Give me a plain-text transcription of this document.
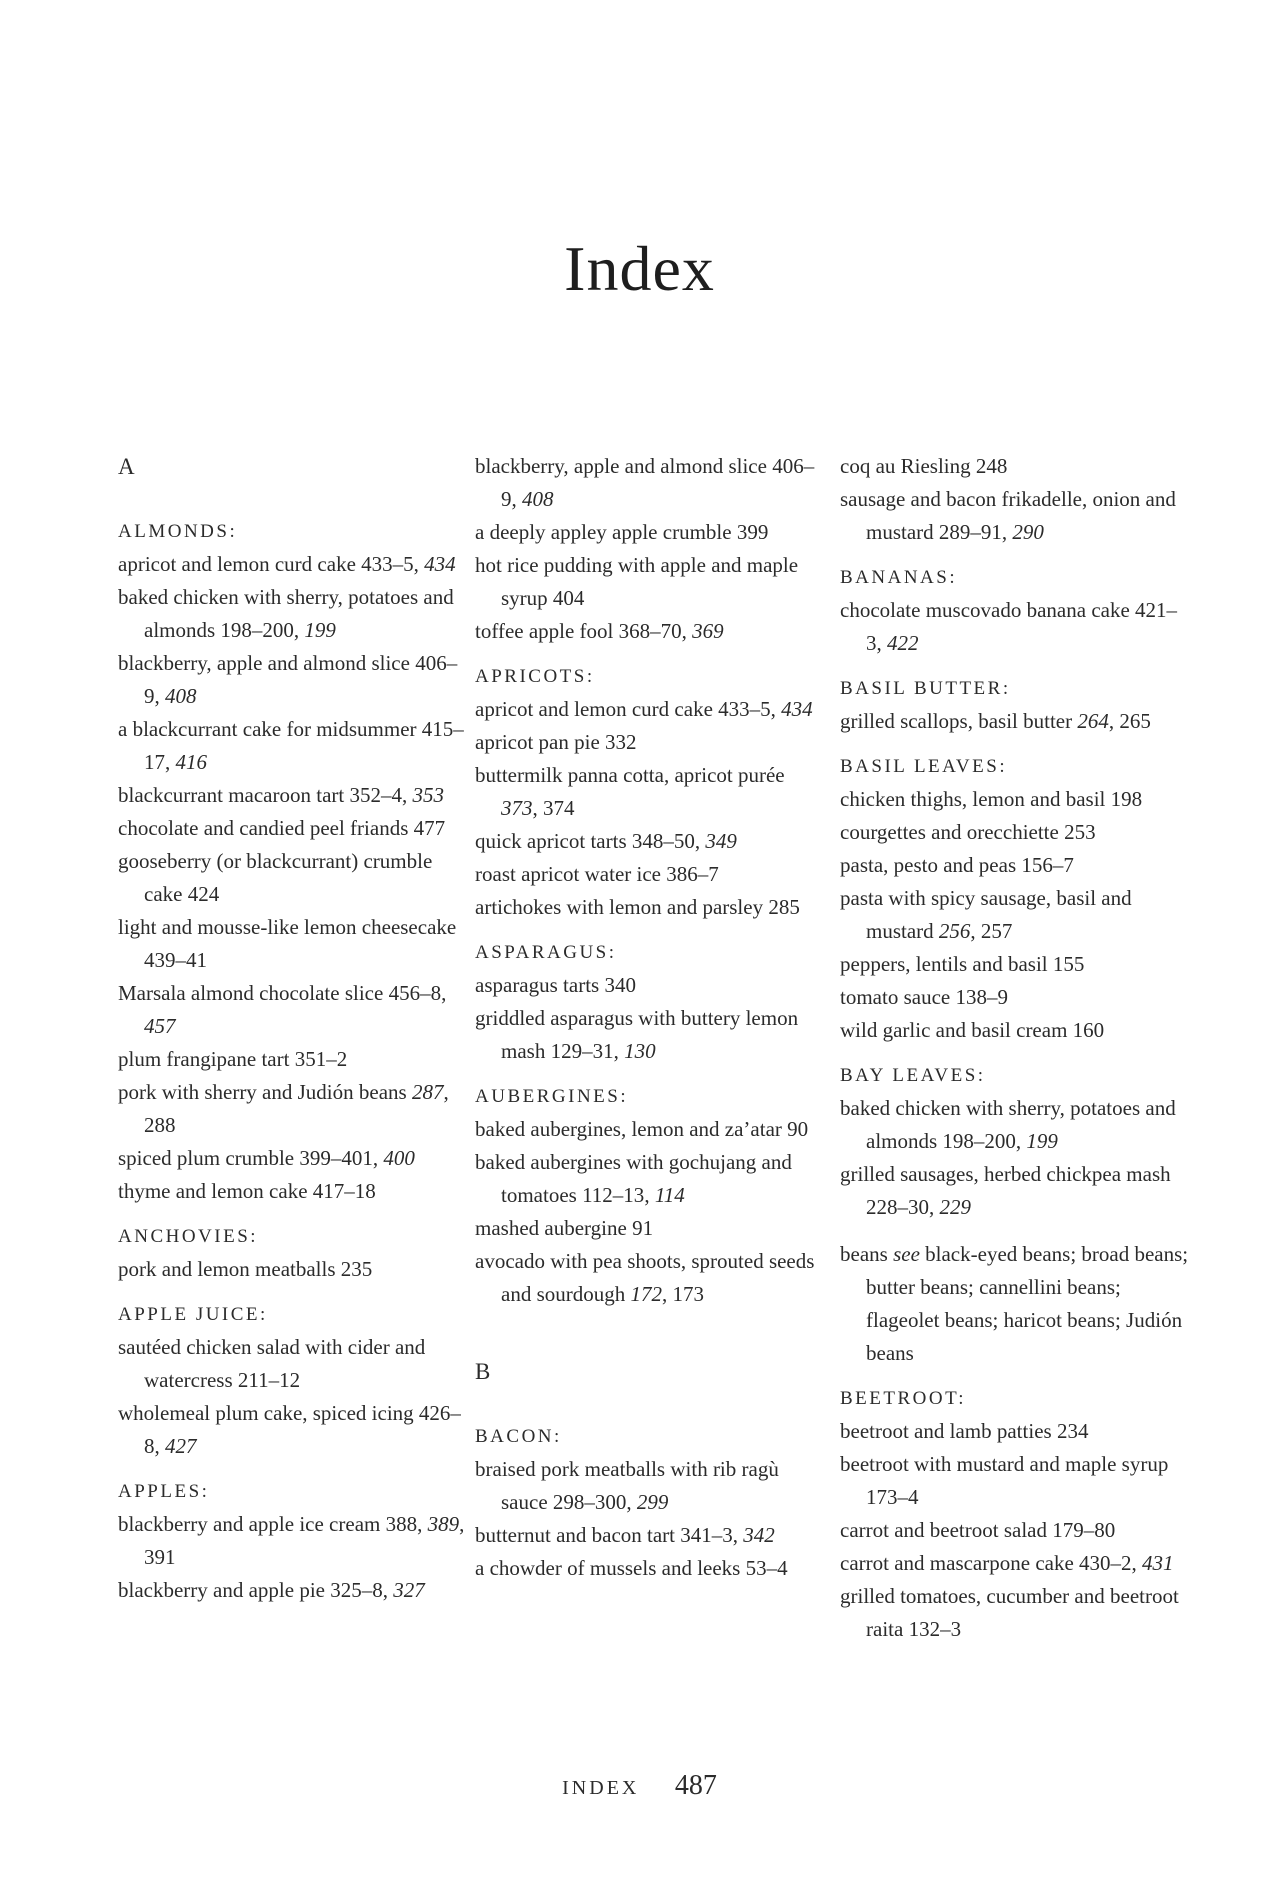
Index
A
ALMONDS:
apricot and lemon curd cake 433–5, 434
baked chicken with sherry, potatoes and almonds 198–200, 199
blackberry, apple and almond slice 406–9, 408
a blackcurrant cake for midsummer 415–17, 416
blackcurrant macaroon tart 352–4, 353
chocolate and candied peel friands 477
gooseberry (or blackcurrant) crumble cake 424
light and mousse-like lemon cheesecake 439–41
Marsala almond chocolate slice 456–8, 457
plum frangipane tart 351–2
pork with sherry and Judión beans 287, 288
spiced plum crumble 399–401, 400
thyme and lemon cake 417–18
ANCHOVIES:
pork and lemon meatballs 235
APPLE JUICE:
sautéed chicken salad with cider and watercress 211–12
wholemeal plum cake, spiced icing 426–8, 427
APPLES:
blackberry and apple ice cream 388, 389, 391
blackberry and apple pie 325–8, 327
blackberry, apple and almond slice 406–9, 408
a deeply appley apple crumble 399
hot rice pudding with apple and maple syrup 404
toffee apple fool 368–70, 369
APRICOTS:
apricot and lemon curd cake 433–5, 434
apricot pan pie 332
buttermilk panna cotta, apricot purée 373, 374
quick apricot tarts 348–50, 349
roast apricot water ice 386–7
artichokes with lemon and parsley 285
ASPARAGUS:
asparagus tarts 340
griddled asparagus with buttery lemon mash 129–31, 130
AUBERGINES:
baked aubergines, lemon and za’atar 90
baked aubergines with gochujang and tomatoes 112–13, 114
mashed aubergine 91
avocado with pea shoots, sprouted seeds and sourdough 172, 173
B
BACON:
braised pork meatballs with rib ragù sauce 298–300, 299
butternut and bacon tart 341–3, 342
a chowder of mussels and leeks 53–4
coq au Riesling 248
sausage and bacon frikadelle, onion and mustard 289–91, 290
BANANAS:
chocolate muscovado banana cake 421–3, 422
BASIL BUTTER:
grilled scallops, basil butter 264, 265
BASIL LEAVES:
chicken thighs, lemon and basil 198
courgettes and orecchiette 253
pasta, pesto and peas 156–7
pasta with spicy sausage, basil and mustard 256, 257
peppers, lentils and basil 155
tomato sauce 138–9
wild garlic and basil cream 160
BAY LEAVES:
baked chicken with sherry, potatoes and almonds 198–200, 199
grilled sausages, herbed chickpea mash 228–30, 229
beans see black-eyed beans; broad beans; butter beans; cannellini beans; flageolet beans; haricot beans; Judión beans
BEETROOT:
beetroot and lamb patties 234
beetroot with mustard and maple syrup 173–4
carrot and beetroot salad 179–80
carrot and mascarpone cake 430–2, 431
grilled tomatoes, cucumber and beetroot raita 132–3
INDEX 487
